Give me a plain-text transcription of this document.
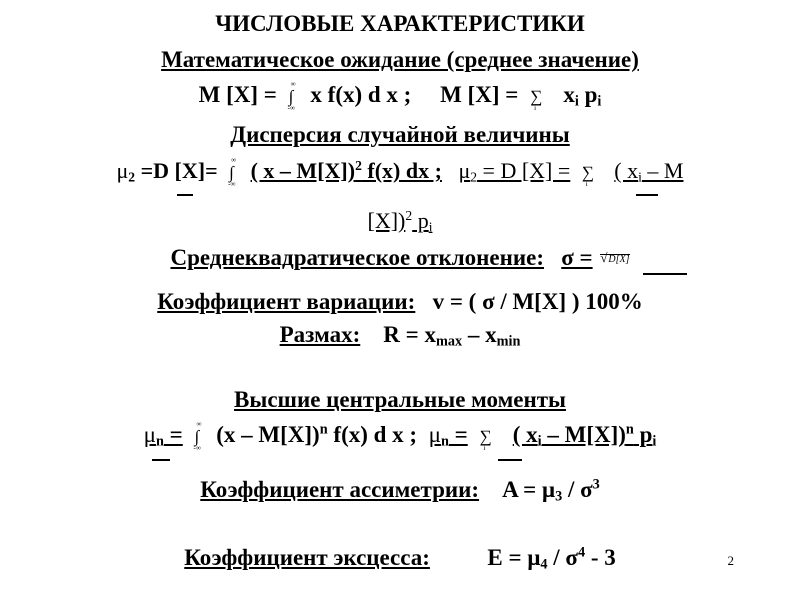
ЧИСЛОВЫЕ ХАРАКТЕРИСТИКИ
Математическое ожидание (среднее значение)
M [X] = ∞
∫
-∞
x f(x) d x ; M [X] = ∑
i
$x_i$ $p_i$
Дисперсия случайной величины
$\mu_2 =D$ [X]= ∞
∫
-∞
( x – M[X])$^2$ f(x) dx ; $\mu_2 = D$ [X] = ∑
i
( $x_i$ – M
[X])$^2$ $p_i$
Среднеквадратическое отклонение: σ = √ D[X]
Коэффициент вариации: v = ( σ / M[X] ) 100%
Размах: $R = x_{max} - x_{min}$
Высшие центральные моменты
$\mu_n$ = ∞
∫
-∞
(x – M[X])$^n$ f(x) d x ; $\mu_n$ = ∑
i
( $x_i - M[X])^n$ $p_i$
Коэффициент ассиметрии: $A = \mu_3 / \sigma^3$
Коэффициент эксцесса:	$E = \mu_4 / \sigma^4 - 3$	2
